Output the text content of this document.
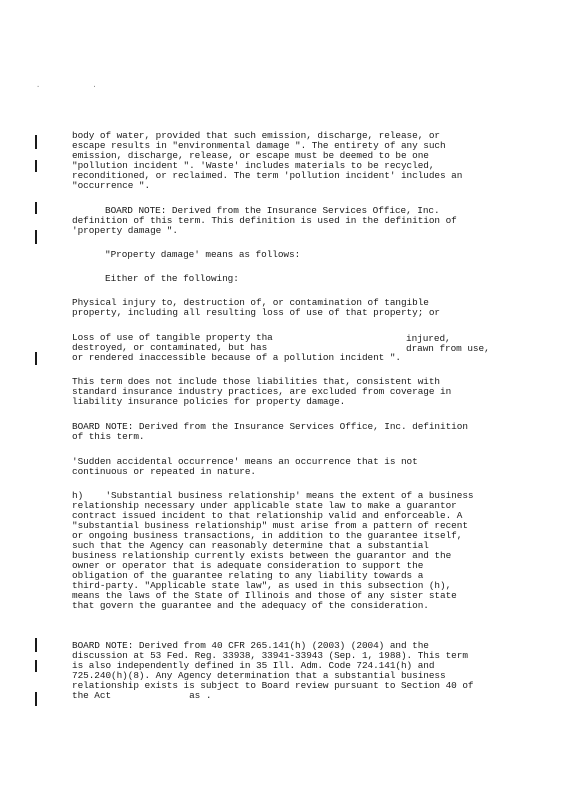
. .
body of water, provided that such emission, discharge, release, or
escape results in "environmental damage ". The entirety of any such
emission, discharge, release, or escape must be deemed to be one
"pollution incident ". 'Waste' includes materials to be recycled,
reconditioned, or reclaimed. The term 'pollution incident' includes an
"occurrence ".
BOARD NOTE: Derived from the Insurance Services Office, Inc.
definition of this term. This definition is used in the definition of
'property damage ".
"Property damage' means as follows:
Either of the following:
Physical injury to, destruction of, or contamination of tangible
property, including all resulting loss of use of that property; or
Loss of use of tangible property tha	injured,
destroyed, or contaminated, but has	drawn from use,
or rendered inaccessible because of a pollution incident ".
This term does not include those liabilities that, consistent with
standard insurance industry practices, are excluded from coverage in
liability insurance policies for property damage.
BOARD NOTE: Derived from the Insurance Services Office, Inc. definition
of this term.
'Sudden accidental occurrence' means an occurrence that is not
continuous or repeated in nature.
h)    'Substantial business relationship' means the extent of a business
relationship necessary under applicable state law to make a guarantor
contract issued incident to that relationship valid and enforceable. A
"substantial business relationship" must arise from a pattern of recent
or ongoing business transactions, in addition to the guarantee itself,
such that the Agency can reasonably determine that a substantial
business relationship currently exists between the guarantor and the
owner or operator that is adequate consideration to support the
obligation of the guarantee relating to any liability towards a
third-party. "Applicable state law", as used in this subsection (h),
means the laws of the State of Illinois and those of any sister state
that govern the guarantee and the adequacy of the consideration.
BOARD NOTE: Derived from 40 CFR 265.141(h) (2003) (2004) and the
discussion at 53 Fed. Reg. 33938, 33941-33943 (Sep. 1, 1988). This term
is also independently defined in 35 Ill. Adm. Code 724.141(h) and
725.240(h)(8). Any Agency determination that a substantial business
relationship exists is subject to Board review pursuant to Section 40 of
the Act              as .
